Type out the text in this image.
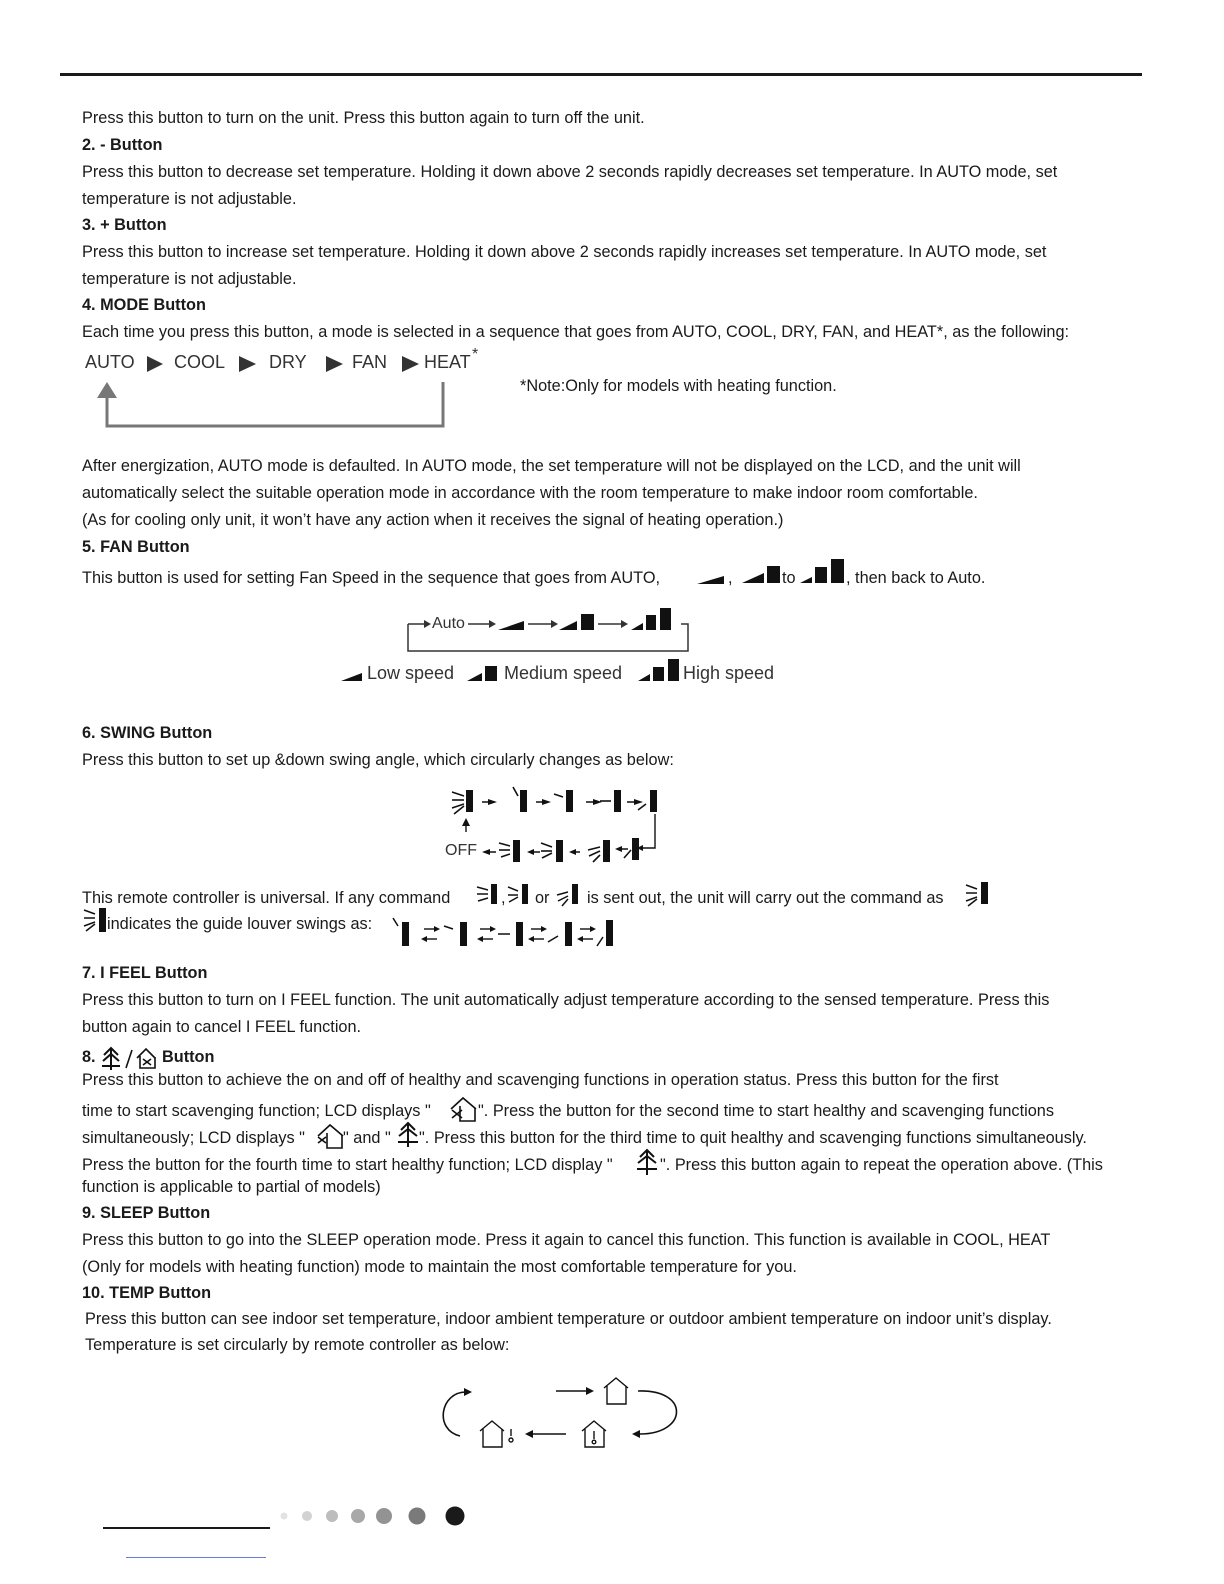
Press this button to turn on the unit. Press this button again to turn off the unit.
2. - Button
Press this button to decrease set temperature. Holding it down above 2 seconds rapidly decreases set temperature. In AUTO mode, set
temperature is not adjustable.
3. + Button
Press this button to increase set temperature. Holding it down above 2 seconds rapidly increases set temperature. In AUTO mode, set
temperature is not adjustable.
4. MODE Button
Each time you press this button, a mode is selected in a sequence that goes from AUTO, COOL, DRY, FAN, and HEAT*, as the following:
AUTO COOL DRY	FAN HEAT *
*Note:Only for models with heating function.
After energization, AUTO mode is defaulted. In AUTO mode, the set temperature will not be displayed on the LCD, and the unit will
automatically select the suitable operation mode in accordance with the room temperature to make indoor room comfortable.
(As for cooling only unit, it won’t have any action when it receives the signal of heating operation.)
5. FAN Button
This button is used for setting Fan Speed in the sequence that goes from AUTO,	,	to	, then back to Auto.
Auto
Low speed	Medium speed	High speed
6. SWING Button
Press this button to set up &down swing angle, which circularly changes as below:
OFF
This remote controller is universal. If any command	, or is sent out, the unit will carry out the command as
indicates the guide louver swings as:
7. I FEEL Button
Press this button to turn on I FEEL function. The unit automatically adjust temperature according to the sensed temperature. Press this
button again to cancel I FEEL function.
8.	Button
Press this button to achieve the on and off of healthy and scavenging functions in operation status. Press this button for the first
time to start scavenging function; LCD displays "	". Press the button for the second time to start healthy and scavenging functions
simultaneously; LCD displays " " and " ". Press this button for the third time to quit healthy and scavenging functions simultaneously.
Press the button for the fourth time to start healthy function; LCD display "	". Press this button again to repeat the operation above. (This
function is applicable to partial of models)
9. SLEEP Button
Press this button to go into the SLEEP operation mode. Press it again to cancel this function. This function is available in COOL, HEAT
(Only for models with heating function) mode to maintain the most comfortable temperature for you.
10. TEMP Button
Press this button can see indoor set temperature, indoor ambient temperature or outdoor ambient temperature on indoor unit’s display.
Temperature is set circularly by remote controller as below:
